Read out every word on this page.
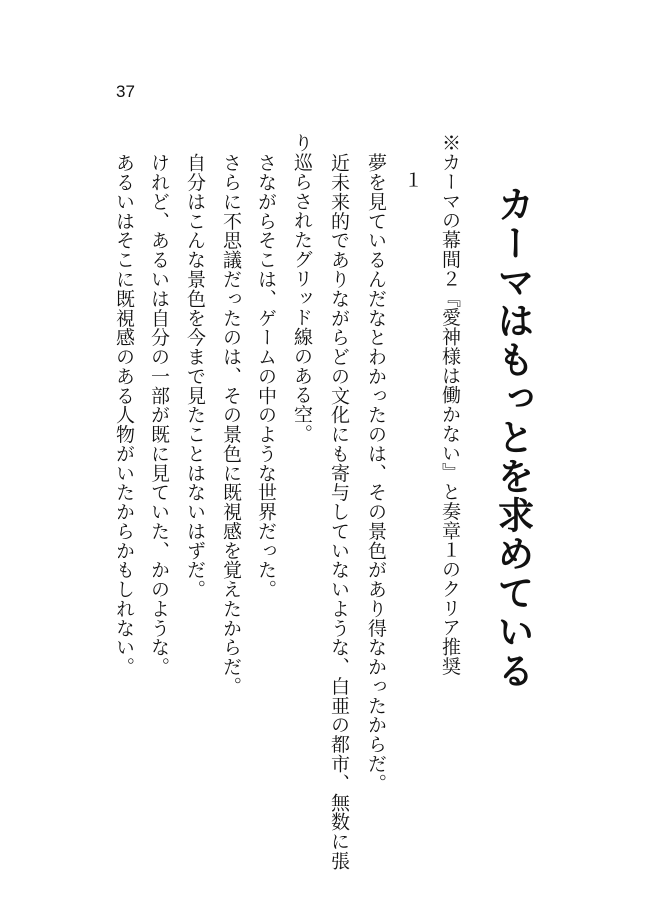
37
カーマはもっとを求めている
※カーマの幕間２『愛神様は働かない』と奏章１のクリア推奨
１
夢を見ているんだなとわかったのは、その景色があり得なかったからだ。
近未来的でありながらどの文化にも寄与していないような、白亜の都市、無数に張
り巡らされたグリッド線のある空。
さながらそこは、ゲームの中のような世界だった。
さらに不思議だったのは、その景色に既視感を覚えたからだ。
自分はこんな景色を今まで見たことはないはずだ。
けれど、あるいは自分の一部が既に見ていた、かのような。
あるいはそこに既視感のある人物がいたからかもしれない。
